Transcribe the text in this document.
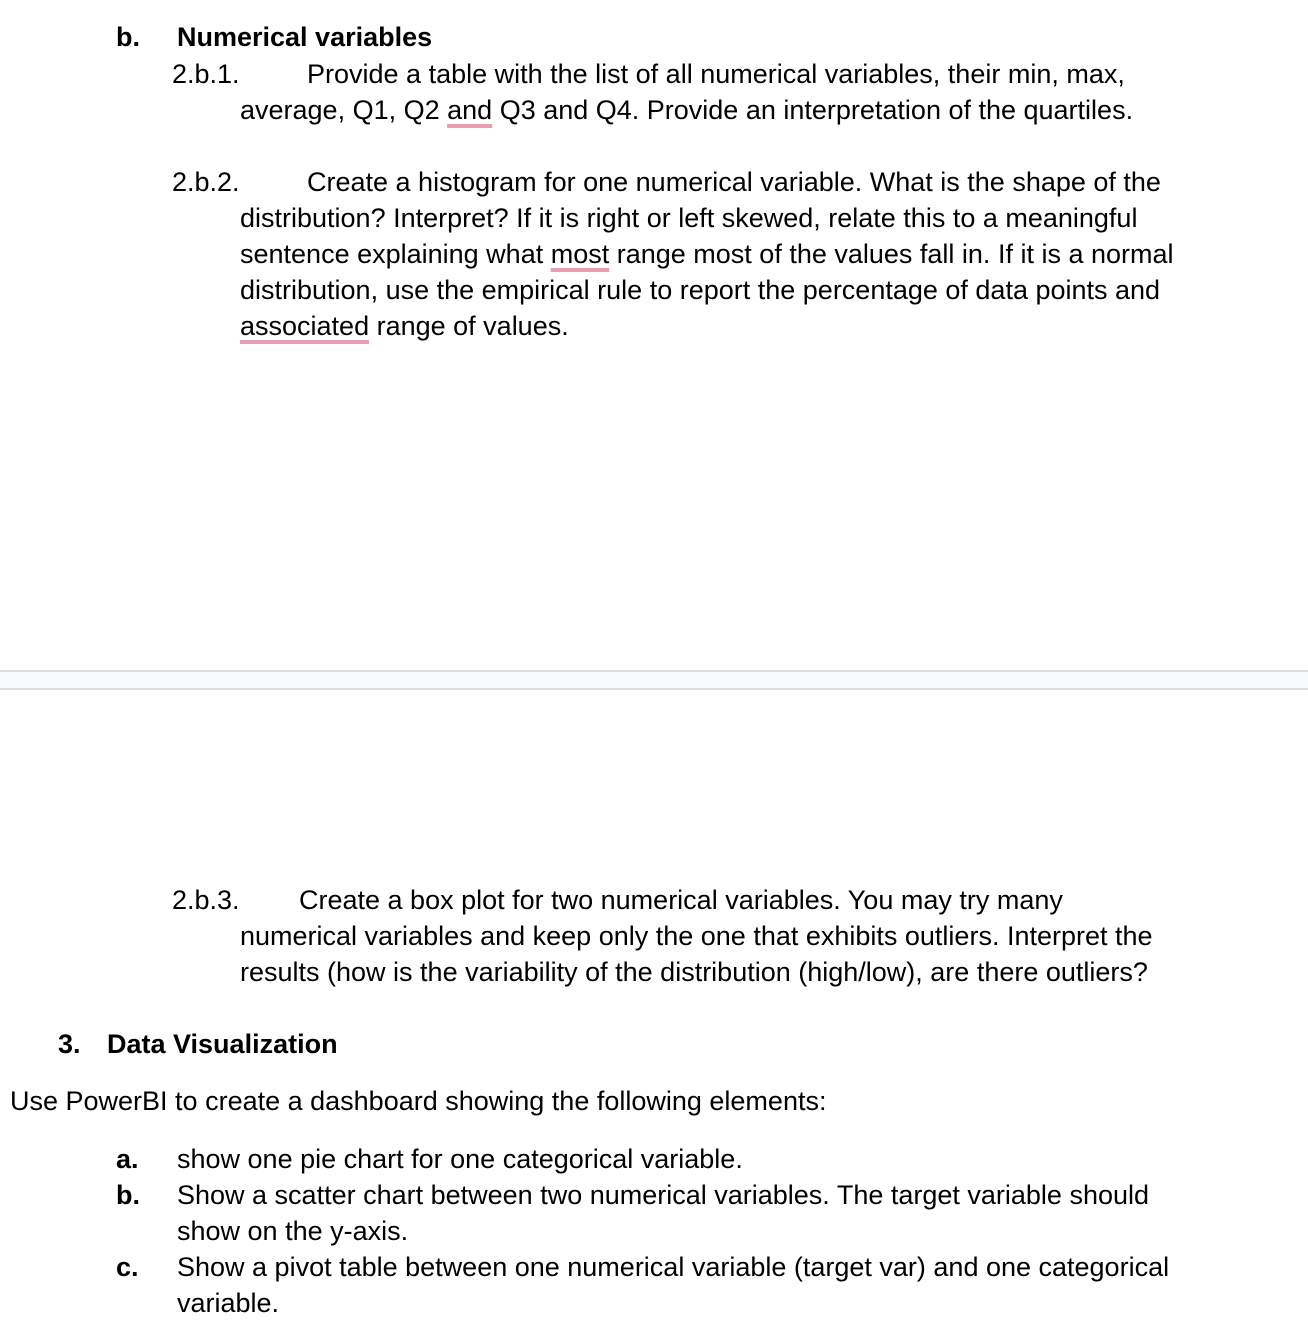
b. Numerical variables
2.b.1. Provide a table with the list of all numerical variables, their min, max,
average, Q1, Q2 and Q3 and Q4. Provide an interpretation of the quartiles.
2.b.2. Create a histogram for one numerical variable. What is the shape of the
distribution? Interpret? If it is right or left skewed, relate this to a meaningful
sentence explaining what most range most of the values fall in. If it is a normal
distribution, use the empirical rule to report the percentage of data points and
associated range of values.
2.b.3. Create a box plot for two numerical variables. You may try many
numerical variables and keep only the one that exhibits outliers. Interpret the
results (how is the variability of the distribution (high/low), are there outliers?
3. Data Visualization
Use PowerBI to create a dashboard showing the following elements:
a. show one pie chart for one categorical variable.
b. Show a scatter chart between two numerical variables. The target variable should
show on the y-axis.
c. Show a pivot table between one numerical variable (target var) and one categorical
variable.
